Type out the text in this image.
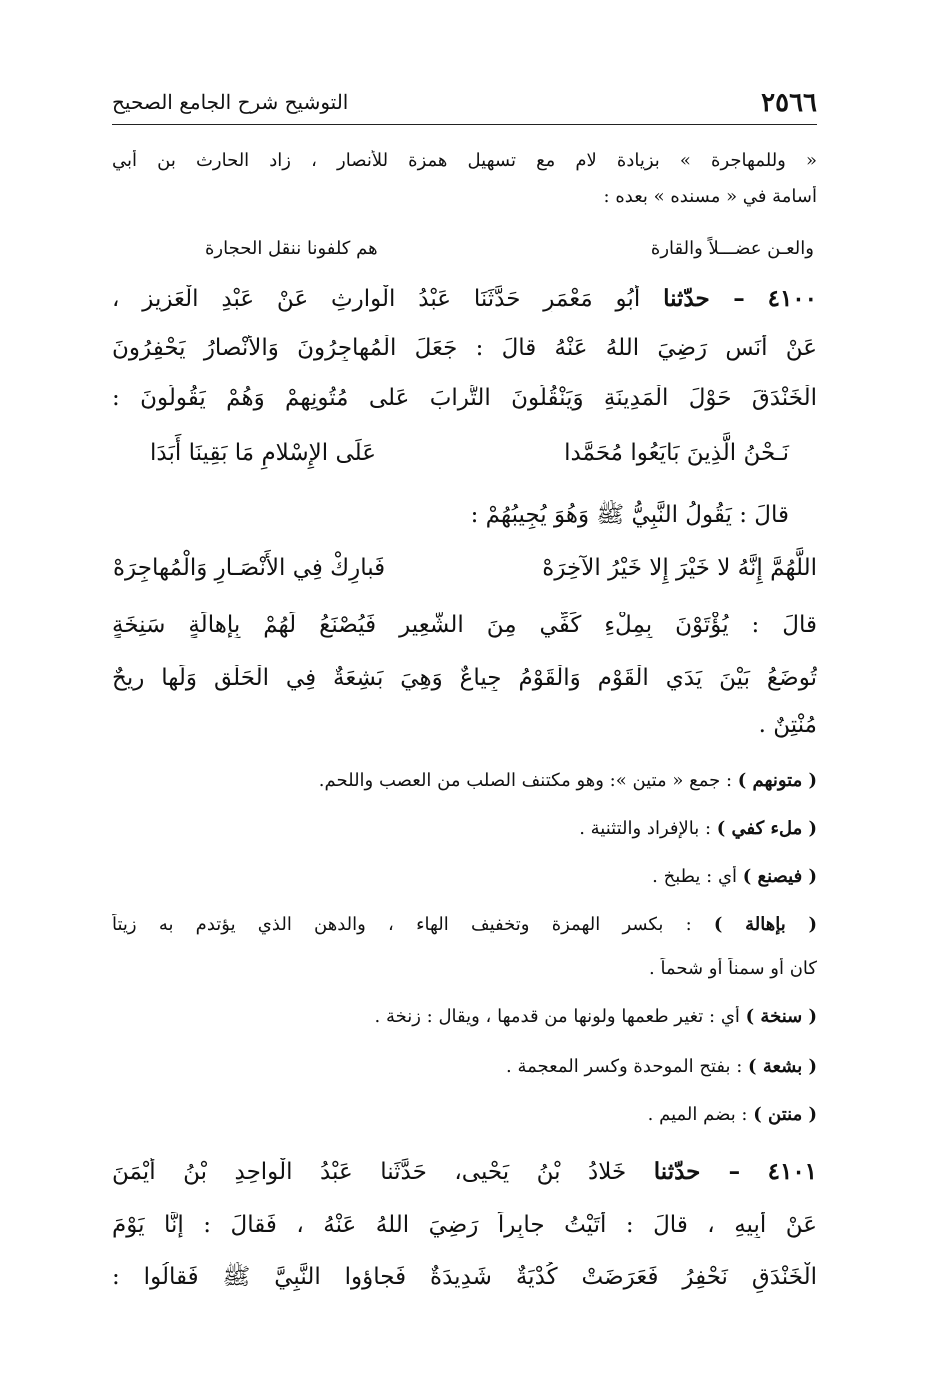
٢٥٦٦
التوشيح شرح الجامع الصحيح
« وللمهاجرة » بزيادة لام مع تسهيل همزة للأنصار ، زاد الحارث بن أبي
أسامة في « مسنده » بعده :
والعـن عضـــلاً والقارة
هم كلفونا ننقل الحجارة
٤١٠٠ – حدّثنا أَبُو مَعْمَرٍ حَدَّثَنَا عَبْدُ الْوارِثِ عَنْ عَبْدِ الْعَزِيزِ ،
عَنْ أَنَسٍ رَضِيَ اللهُ عَنْهُ قالَ : جَعَلَ الْمُهاجِرُونَ وَالأَنْصارُ يَحْفِرُونَ
الْخَنْدَقَ حَوْلَ الْمَدِينَةِ وَيَنْقُلُونَ التُّرابَ عَلى مُتُونِهِمْ وَهُمْ يَقُولُونَ :
نَـحْنُ الَّذِينَ بَايَعُوا مُحَمَّدا
عَلَى الإِسْلامِ مَا بَقِينَا أَبَدَا
قالَ : يَقُولُ النَّبِيُّ ﷺ وَهُوَ يُجِيبُهُمْ :
اللَّهُمَّ إِنَّهُ لا خَيْرَ إِلا خَيْرُ الآخِرَهْ
فَبارِكْ فِي الأَنْصَـارِ وَالْمُهاجِرَهْ
قالَ : يُؤْتَوْنَ بِمِلْءِ كَفِّي مِنَ الشَّعِيرِ فَيُصْنَعُ لَهُمْ بِإِهالَةٍ سَنِخَةٍ
تُوضَعُ بَيْنَ يَدَيِ الْقَوْمِ وَالْقَوْمُ جِياعٌ وَهِيَ بَشِعَةٌ فِي الْحَلْقِ وَلَها رِيحٌ
مُنْتِنٌ .
( متونهم ) : جمع « متين »: وهو مكتنف الصلب من العصب واللحم.
( ملء كفي ) : بالإفراد والتثنية .
( فيصنع ) أي : يطبخ .
( بإهالة ) : بكسر الهمزة وتخفيف الهاء ، والدهن الذي يؤتدم به زيتاً
كان أو سمناً أو شحماً .
( سنخة ) أي : تغير طعمها ولونها من قدمها ، ويقال : زنخة .
( بشعة ) : بفتح الموحدة وكسر المعجمة .
( منتن ) : بضم الميم .
٤١٠١ – حدّثنا خَلادُ بْنُ يَحْيى، حَدَّثَنا عَبْدُ الْواحِدِ بْنُ أَيْمَنَ
عَنْ أَبِيهِ ، قالَ : أَتَيْتُ جابِراً رَضِيَ اللهُ عَنْهُ ، فَقالَ : إِنَّا يَوْمَ
الْخَنْدَقِ نَحْفِرُ فَعَرَضَتْ كُدْيَةٌ شَدِيدَةٌ فَجاؤوا النَّبِيَّ ﷺ فَقالُوا :
